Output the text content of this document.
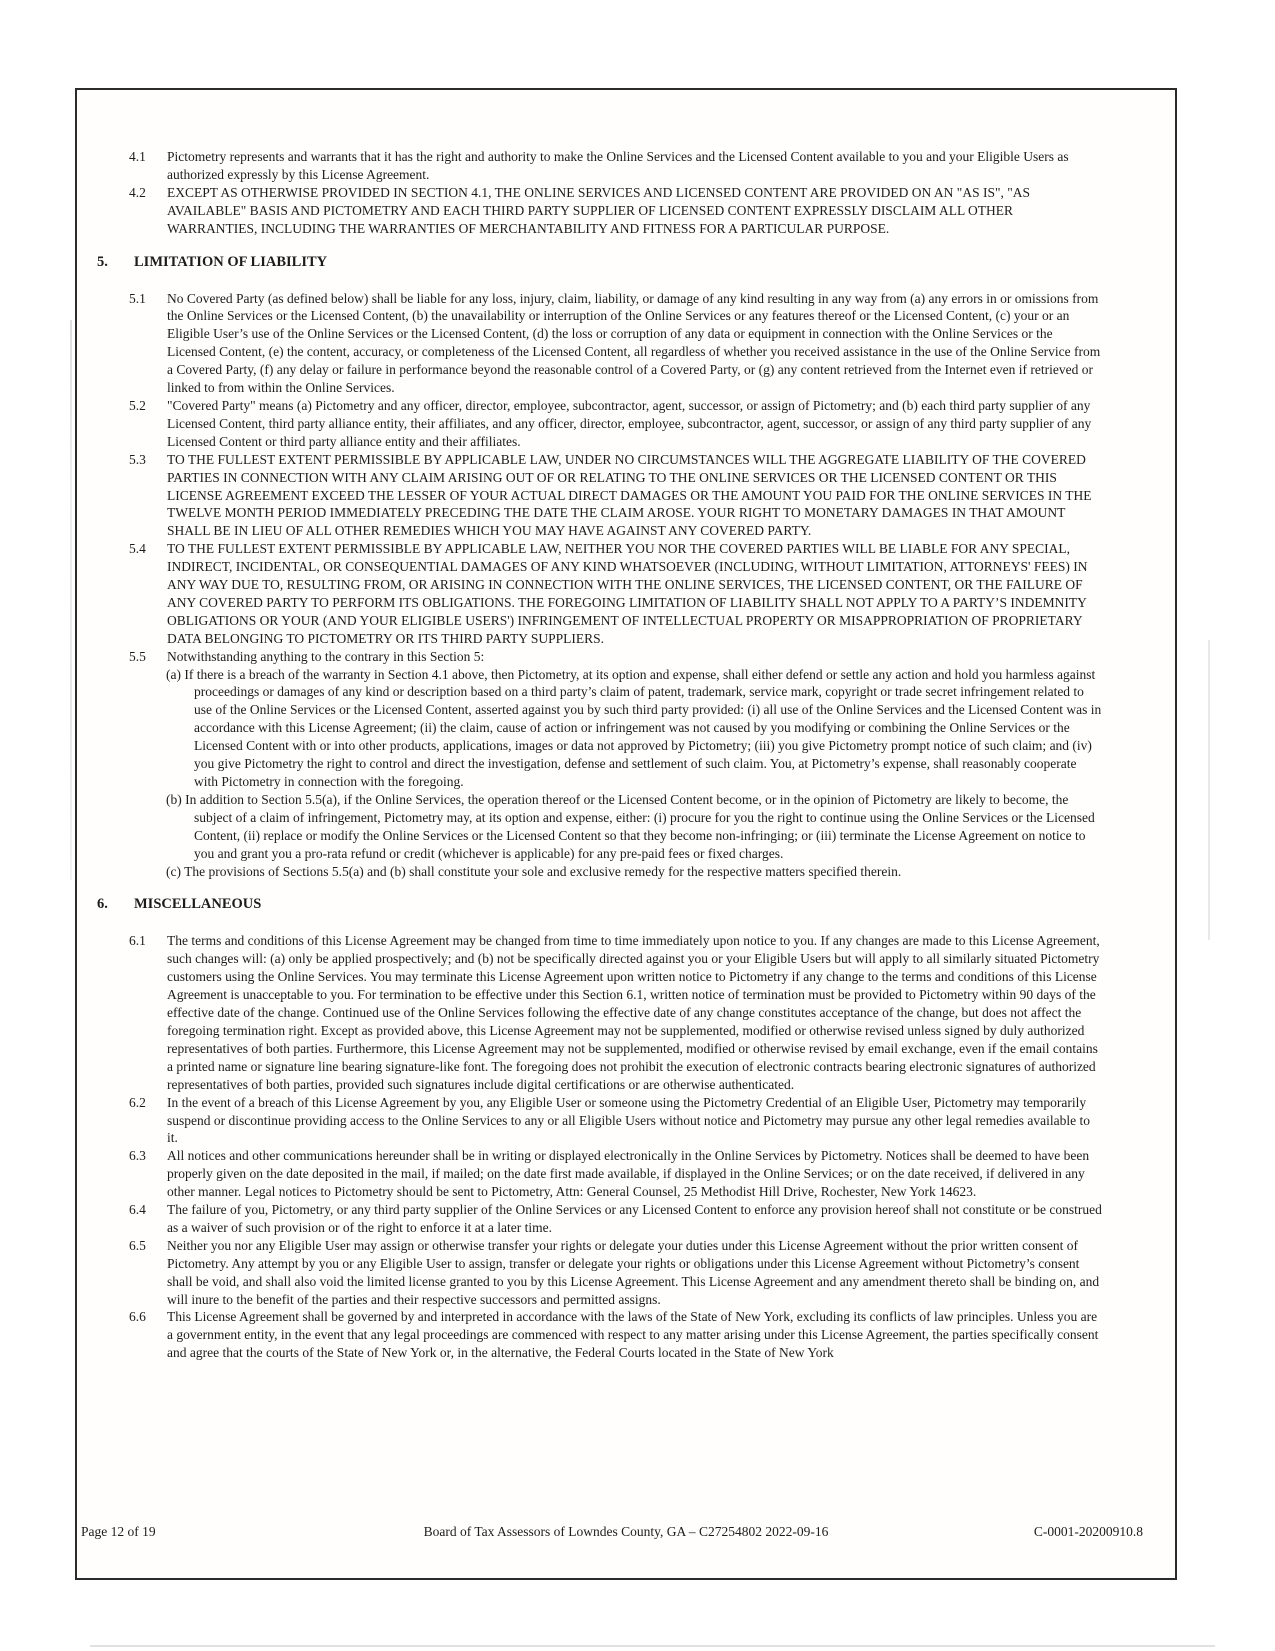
4.1 Pictometry represents and warrants that it has the right and authority to make the Online Services and the Licensed Content available to you and your Eligible Users as authorized expressly by this License Agreement.
4.2 EXCEPT AS OTHERWISE PROVIDED IN SECTION 4.1, THE ONLINE SERVICES AND LICENSED CONTENT ARE PROVIDED ON AN "AS IS", "AS AVAILABLE" BASIS AND PICTOMETRY AND EACH THIRD PARTY SUPPLIER OF LICENSED CONTENT EXPRESSLY DISCLAIM ALL OTHER WARRANTIES, INCLUDING THE WARRANTIES OF MERCHANTABILITY AND FITNESS FOR A PARTICULAR PURPOSE.
5. LIMITATION OF LIABILITY
5.1 No Covered Party (as defined below) shall be liable for any loss, injury, claim, liability, or damage of any kind resulting in any way from (a) any errors in or omissions from the Online Services or the Licensed Content, (b) the unavailability or interruption of the Online Services or any features thereof or the Licensed Content, (c) your or an Eligible User’s use of the Online Services or the Licensed Content, (d) the loss or corruption of any data or equipment in connection with the Online Services or the Licensed Content, (e) the content, accuracy, or completeness of the Licensed Content, all regardless of whether you received assistance in the use of the Online Service from a Covered Party, (f) any delay or failure in performance beyond the reasonable control of a Covered Party, or (g) any content retrieved from the Internet even if retrieved or linked to from within the Online Services.
5.2 "Covered Party" means (a) Pictometry and any officer, director, employee, subcontractor, agent, successor, or assign of Pictometry; and (b) each third party supplier of any Licensed Content, third party alliance entity, their affiliates, and any officer, director, employee, subcontractor, agent, successor, or assign of any third party supplier of any Licensed Content or third party alliance entity and their affiliates.
5.3 TO THE FULLEST EXTENT PERMISSIBLE BY APPLICABLE LAW, UNDER NO CIRCUMSTANCES WILL THE AGGREGATE LIABILITY OF THE COVERED PARTIES IN CONNECTION WITH ANY CLAIM ARISING OUT OF OR RELATING TO THE ONLINE SERVICES OR THE LICENSED CONTENT OR THIS LICENSE AGREEMENT EXCEED THE LESSER OF YOUR ACTUAL DIRECT DAMAGES OR THE AMOUNT YOU PAID FOR THE ONLINE SERVICES IN THE TWELVE MONTH PERIOD IMMEDIATELY PRECEDING THE DATE THE CLAIM AROSE. YOUR RIGHT TO MONETARY DAMAGES IN THAT AMOUNT SHALL BE IN LIEU OF ALL OTHER REMEDIES WHICH YOU MAY HAVE AGAINST ANY COVERED PARTY.
5.4 TO THE FULLEST EXTENT PERMISSIBLE BY APPLICABLE LAW, NEITHER YOU NOR THE COVERED PARTIES WILL BE LIABLE FOR ANY SPECIAL, INDIRECT, INCIDENTAL, OR CONSEQUENTIAL DAMAGES OF ANY KIND WHATSOEVER (INCLUDING, WITHOUT LIMITATION, ATTORNEYS' FEES) IN ANY WAY DUE TO, RESULTING FROM, OR ARISING IN CONNECTION WITH THE ONLINE SERVICES, THE LICENSED CONTENT, OR THE FAILURE OF ANY COVERED PARTY TO PERFORM ITS OBLIGATIONS. THE FOREGOING LIMITATION OF LIABILITY SHALL NOT APPLY TO A PARTY’S INDEMNITY OBLIGATIONS OR YOUR (AND YOUR ELIGIBLE USERS') INFRINGEMENT OF INTELLECTUAL PROPERTY OR MISAPPROPRIATION OF PROPRIETARY DATA BELONGING TO PICTOMETRY OR ITS THIRD PARTY SUPPLIERS.
5.5 Notwithstanding anything to the contrary in this Section 5:
(a) If there is a breach of the warranty in Section 4.1 above, then Pictometry, at its option and expense, shall either defend or settle any action and hold you harmless against proceedings or damages of any kind or description based on a third party’s claim of patent, trademark, service mark, copyright or trade secret infringement related to use of the Online Services or the Licensed Content, asserted against you by such third party provided: (i) all use of the Online Services and the Licensed Content was in accordance with this License Agreement; (ii) the claim, cause of action or infringement was not caused by you modifying or combining the Online Services or the Licensed Content with or into other products, applications, images or data not approved by Pictometry; (iii) you give Pictometry prompt notice of such claim; and (iv) you give Pictometry the right to control and direct the investigation, defense and settlement of such claim. You, at Pictometry’s expense, shall reasonably cooperate with Pictometry in connection with the foregoing.
(b) In addition to Section 5.5(a), if the Online Services, the operation thereof or the Licensed Content become, or in the opinion of Pictometry are likely to become, the subject of a claim of infringement, Pictometry may, at its option and expense, either: (i) procure for you the right to continue using the Online Services or the Licensed Content, (ii) replace or modify the Online Services or the Licensed Content so that they become non-infringing; or (iii) terminate the License Agreement on notice to you and grant you a pro-rata refund or credit (whichever is applicable) for any pre-paid fees or fixed charges.
(c) The provisions of Sections 5.5(a) and (b) shall constitute your sole and exclusive remedy for the respective matters specified therein.
6. MISCELLANEOUS
6.1 The terms and conditions of this License Agreement may be changed from time to time immediately upon notice to you. If any changes are made to this License Agreement, such changes will: (a) only be applied prospectively; and (b) not be specifically directed against you or your Eligible Users but will apply to all similarly situated Pictometry customers using the Online Services. You may terminate this License Agreement upon written notice to Pictometry if any change to the terms and conditions of this License Agreement is unacceptable to you. For termination to be effective under this Section 6.1, written notice of termination must be provided to Pictometry within 90 days of the effective date of the change. Continued use of the Online Services following the effective date of any change constitutes acceptance of the change, but does not affect the foregoing termination right. Except as provided above, this License Agreement may not be supplemented, modified or otherwise revised unless signed by duly authorized representatives of both parties. Furthermore, this License Agreement may not be supplemented, modified or otherwise revised by email exchange, even if the email contains a printed name or signature line bearing signature-like font. The foregoing does not prohibit the execution of electronic contracts bearing electronic signatures of authorized representatives of both parties, provided such signatures include digital certifications or are otherwise authenticated.
6.2 In the event of a breach of this License Agreement by you, any Eligible User or someone using the Pictometry Credential of an Eligible User, Pictometry may temporarily suspend or discontinue providing access to the Online Services to any or all Eligible Users without notice and Pictometry may pursue any other legal remedies available to it.
6.3 All notices and other communications hereunder shall be in writing or displayed electronically in the Online Services by Pictometry. Notices shall be deemed to have been properly given on the date deposited in the mail, if mailed; on the date first made available, if displayed in the Online Services; or on the date received, if delivered in any other manner. Legal notices to Pictometry should be sent to Pictometry, Attn: General Counsel, 25 Methodist Hill Drive, Rochester, New York 14623.
6.4 The failure of you, Pictometry, or any third party supplier of the Online Services or any Licensed Content to enforce any provision hereof shall not constitute or be construed as a waiver of such provision or of the right to enforce it at a later time.
6.5 Neither you nor any Eligible User may assign or otherwise transfer your rights or delegate your duties under this License Agreement without the prior written consent of Pictometry. Any attempt by you or any Eligible User to assign, transfer or delegate your rights or obligations under this License Agreement without Pictometry’s consent shall be void, and shall also void the limited license granted to you by this License Agreement. This License Agreement and any amendment thereto shall be binding on, and will inure to the benefit of the parties and their respective successors and permitted assigns.
6.6 This License Agreement shall be governed by and interpreted in accordance with the laws of the State of New York, excluding its conflicts of law principles. Unless you are a government entity, in the event that any legal proceedings are commenced with respect to any matter arising under this License Agreement, the parties specifically consent and agree that the courts of the State of New York or, in the alternative, the Federal Courts located in the State of New York
Page 12 of 19	Board of Tax Assessors of Lowndes County, GA – C27254802 2022-09-16	C-0001-20200910.8
